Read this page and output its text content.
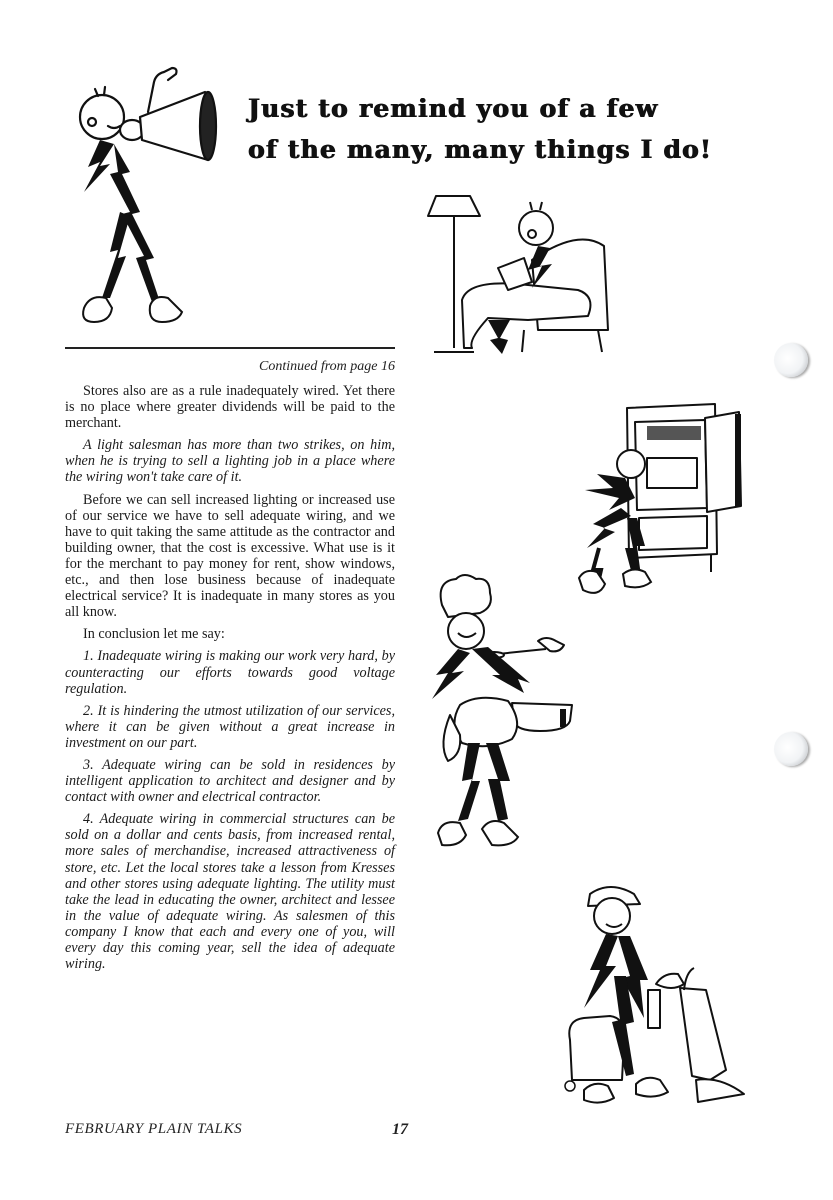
Just to remind you of a few
of the many, many things I do!
Continued from page 16

Stores also are as a rule inadequately wired. Yet there is no place where greater dividends will be paid to the merchant.

A light salesman has more than two strikes, on him, when he is trying to sell a lighting job in a place where the wiring won't take care of it.

Before we can sell increased lighting or increased use of our service we have to sell adequate wiring, and we have to quit taking the same attitude as the contractor and building owner, that the cost is excessive. What use is it for the merchant to pay money for rent, show windows, etc., and then lose business because of inadequate electrical service? It is inadequate in many stores as you all know.

In conclusion let me say:

1. Inadequate wiring is making our work very hard, by counteracting our efforts towards good voltage regulation.

2. It is hindering the utmost utilization of our services, where it can be given without a great increase in investment on our part.

3. Adequate wiring can be sold in residences by intelligent application to architect and designer and by contact with owner and electrical contractor.

4. Adequate wiring in commercial structures can be sold on a dollar and cents basis, from increased rental, more sales of merchandise, increased attractiveness of store, etc. Let the local stores take a lesson from Kresses and other stores using adequate lighting. The utility must take the lead in educating the owner, architect and lessee in the value of adequate wiring. As salesmen of this company I know that each and every one of you, will every day this coming year, sell the idea of adequate wiring.

FEBRUARY PLAIN TALKS	17
